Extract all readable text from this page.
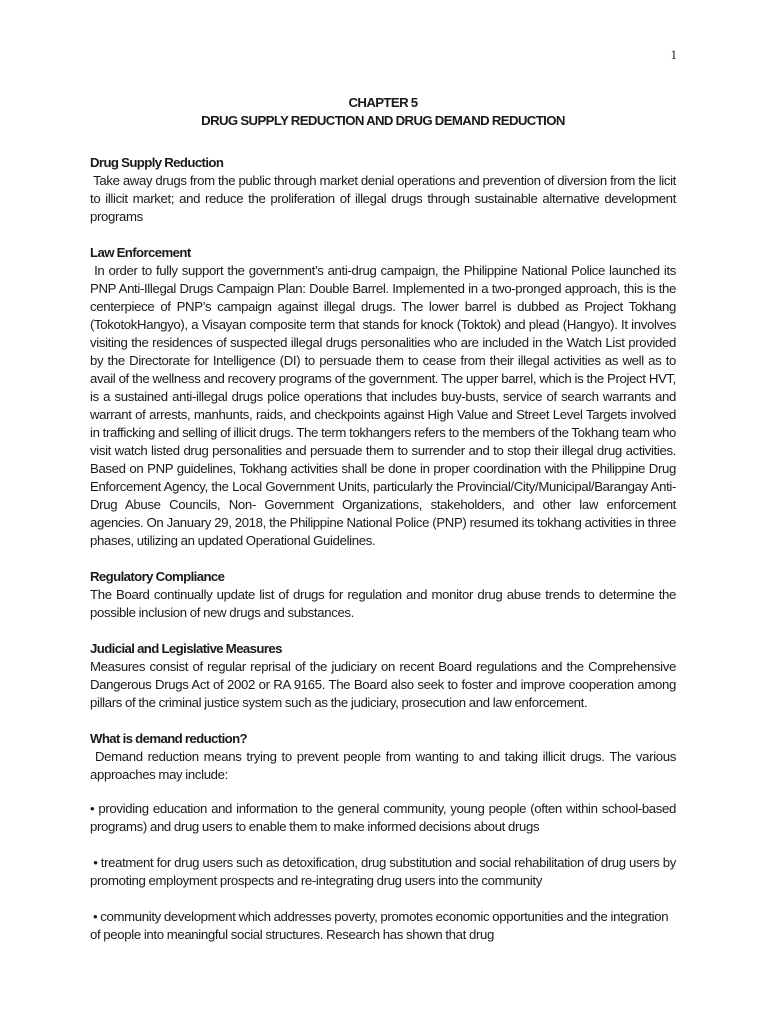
1

CHAPTER 5

DRUG SUPPLY REDUCTION AND DRUG DEMAND REDUCTION

Drug Supply Reduction

Take away drugs from the public through market denial operations and prevention of diversion from the licit to illicit market; and reduce the proliferation of illegal drugs through sustainable alternative development programs

Law Enforcement

In order to fully support the government’s anti-drug campaign, the Philippine National Police launched its PNP Anti-Illegal Drugs Campaign Plan: Double Barrel. Implemented in a two-pronged approach, this is the centerpiece of PNP’s campaign against illegal drugs. The lower barrel is dubbed as Project Tokhang (TokotokHangyo), a Visayan composite term that stands for knock (Toktok) and plead (Hangyo). It involves visiting the residences of suspected illegal drugs personalities who are included in the Watch List provided by the Directorate for Intelligence (DI) to persuade them to cease from their illegal activities as well as to avail of the wellness and recovery programs of the government. The upper barrel, which is the Project HVT, is a sustained anti-illegal drugs police operations that includes buy-busts, service of search warrants and warrant of arrests, manhunts, raids, and checkpoints against High Value and Street Level Targets involved in trafficking and selling of illicit drugs. The term tokhangers refers to the members of the Tokhang team who visit watch listed drug personalities and persuade them to surrender and to stop their illegal drug activities. Based on PNP guidelines, Tokhang activities shall be done in proper coordination with the Philippine Drug Enforcement Agency, the Local Government Units, particularly the Provincial/City/Municipal/Barangay Anti-Drug Abuse Councils, Non- Government Organizations, stakeholders, and other law enforcement agencies. On January 29, 2018, the Philippine National Police (PNP) resumed its tokhang activities in three phases, utilizing an updated Operational Guidelines.

Regulatory Compliance

The Board continually update list of drugs for regulation and monitor drug abuse trends to determine the possible inclusion of new drugs and substances.

Judicial and Legislative Measures

Measures consist of regular reprisal of the judiciary on recent Board regulations and the Comprehensive Dangerous Drugs Act of 2002 or RA 9165. The Board also seek to foster and improve cooperation among pillars of the criminal justice system such as the judiciary, prosecution and law enforcement.

What is demand reduction?

Demand reduction means trying to prevent people from wanting to and taking illicit drugs. The various approaches may include:

• providing education and information to the general community, young people (often within school-based programs) and drug users to enable them to make informed decisions about drugs

• treatment for drug users such as detoxification, drug substitution and social rehabilitation of drug users by promoting employment prospects and re-integrating drug users into the community

• community development which addresses poverty, promotes economic opportunities and the integration of people into meaningful social structures. Research has shown that drug
